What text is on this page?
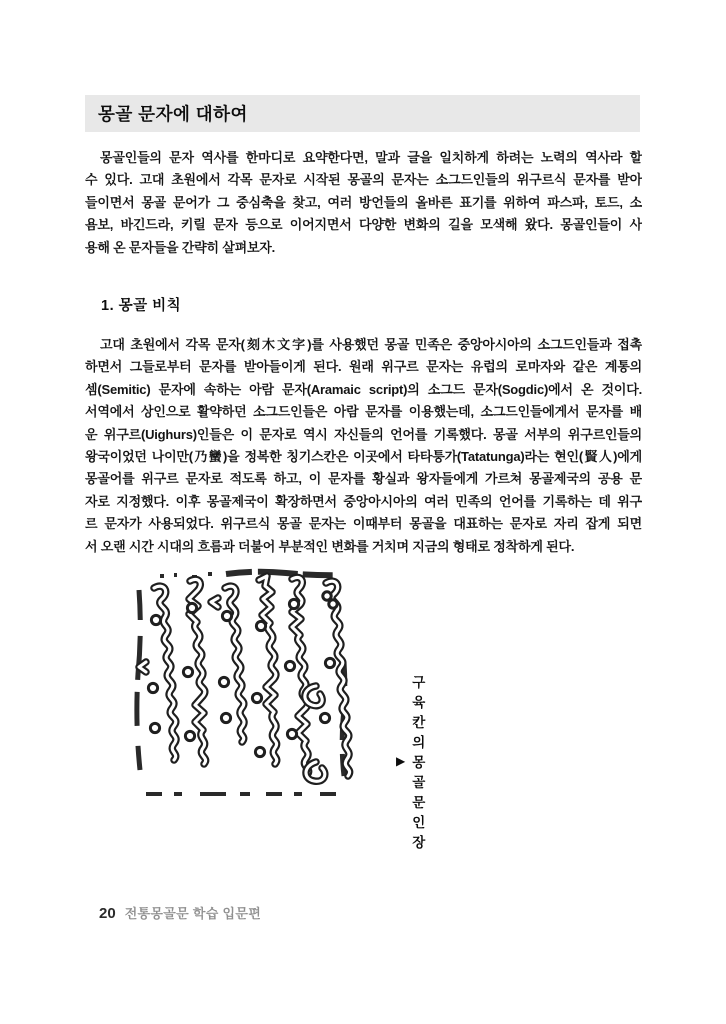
몽골 문자에 대하여
몽골인들의 문자 역사를 한마디로 요약한다면, 말과 글을 일치하게 하려는 노력의 역사라 할
수 있다. 고대 초원에서 각목 문자로 시작된 몽골의 문자는 소그드인들의 위구르식 문자를 받아
들이면서 몽골 문어가 그 중심축을 찾고, 여러 방언들의 올바른 표기를 위하여 파스파, 토드, 소
욤보, 바긴드라, 키릴 문자 등으로 이어지면서 다양한 변화의 길을 모색해 왔다. 몽골인들이 사
용해 온 문자들을 간략히 살펴보자.
1. 몽골 비칙
고대 초원에서 각목 문자(刻木文字)를 사용했던 몽골 민족은 중앙아시아의 소그드인들과 접촉
하면서 그들로부터 문자를 받아들이게 된다. 원래 위구르 문자는 유럽의 로마자와 같은 계통의
셈(Semitic) 문자에 속하는 아람 문자(Aramaic script)의 소그드 문자(Sogdic)에서 온 것이다.
서역에서 상인으로 활약하던 소그드인들은 아람 문자를 이용했는데, 소그드인들에게서 문자를 배
운 위구르(Uighurs)인들은 이 문자로 역시 자신들의 언어를 기록했다. 몽골 서부의 위구르인들의
왕국이었던 나이만(乃蠻)을 정복한 칭기스칸은 이곳에서 타타퉁가(Tatatunga)라는 현인(賢人)에게
몽골어를 위구르 문자로 적도록 하고, 이 문자를 황실과 왕자들에게 가르쳐 몽골제국의 공용 문
자로 지정했다. 이후 몽골제국이 확장하면서 중앙아시아의 여러 민족의 언어를 기록하는 데 위구
르 문자가 사용되었다. 위구르식 몽골 문자는 이때부터 몽골을 대표하는 문자로 자리 잡게 되면
서 오랜 시간 시대의 흐름과 더불어 부분적인 변화를 거치며 지금의 형태로 정착하게 된다.
▶
구육칸의 몽골문 인장
20 전통몽골문 학습 입문편
